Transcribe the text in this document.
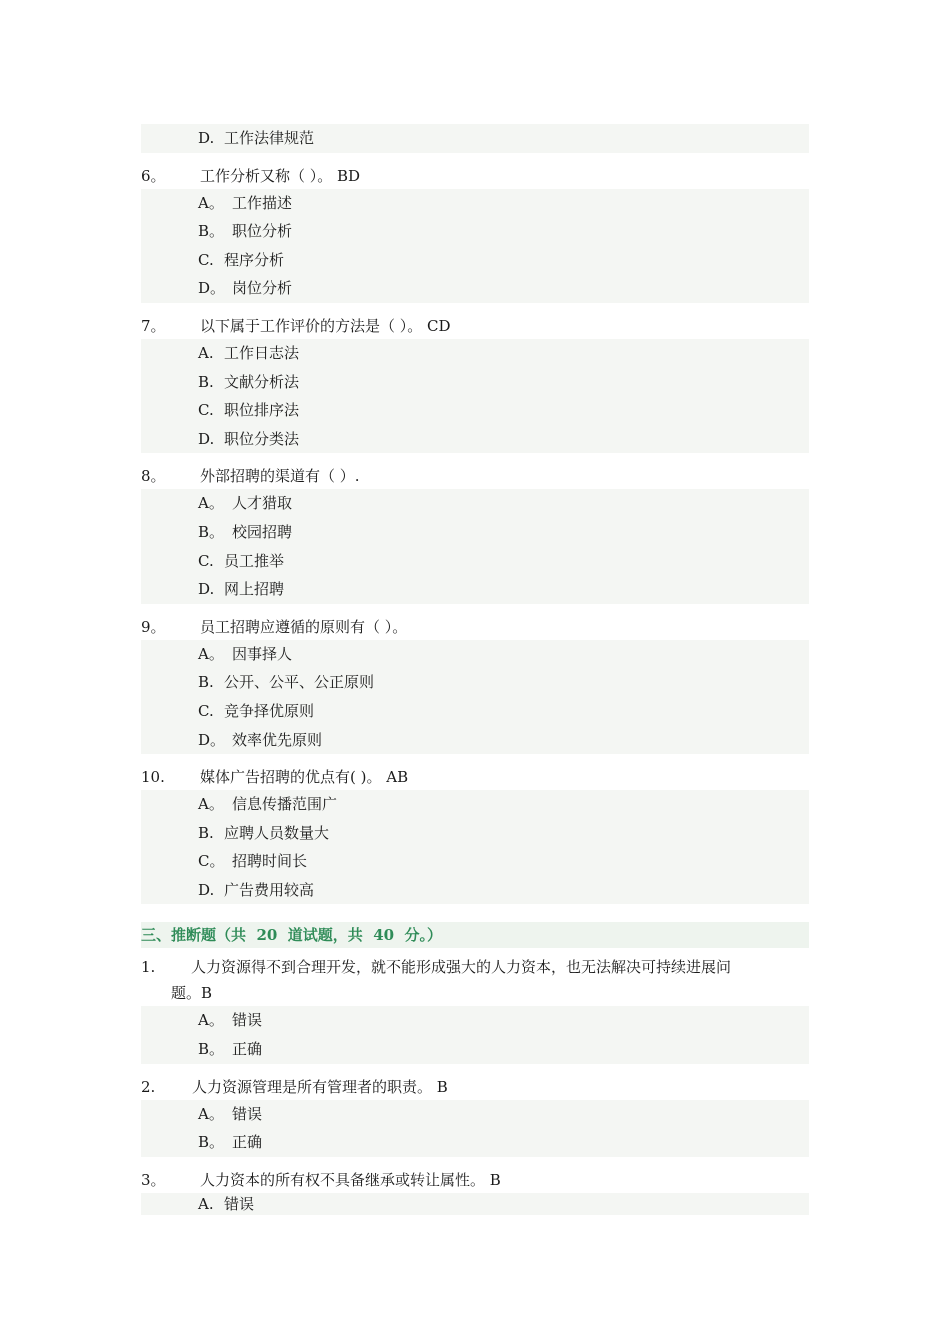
D. 工作法律规范
6。 工作分析又称（ ）。 BD
A。 工作描述
B。 职位分析
C. 程序分析
D。 岗位分析
7。 以下属于工作评价的方法是（ ）。 CD
A. 工作日志法
B. 文献分析法
C. 职位排序法
D. 职位分类法
8。 外部招聘的渠道有（ ）.
A。 人才猎取
B。 校园招聘
C. 员工推举
D. 网上招聘
9。 员工招聘应遵循的原则有（ ）。
A。 因事择人
B. 公开、公平、公正原则
C. 竞争择优原则
D。 效率优先原则
10. 媒体广告招聘的优点有( )。 AB
A。 信息传播范围广
B. 应聘人员数量大
C。 招聘时间长
D. 广告费用较高
三、推断题（共  20  道试题，共  40  分。）
1.	人力资源得不到合理开发，就不能形成强大的人力资本，也无法解决可持续进展问
题。B
A。 错误
B。 正确
2. 人力资源管理是所有管理者的职责。 B
A。 错误
B。 正确
3。 人力资本的所有权不具备继承或转让属性。 B
A. 错误
